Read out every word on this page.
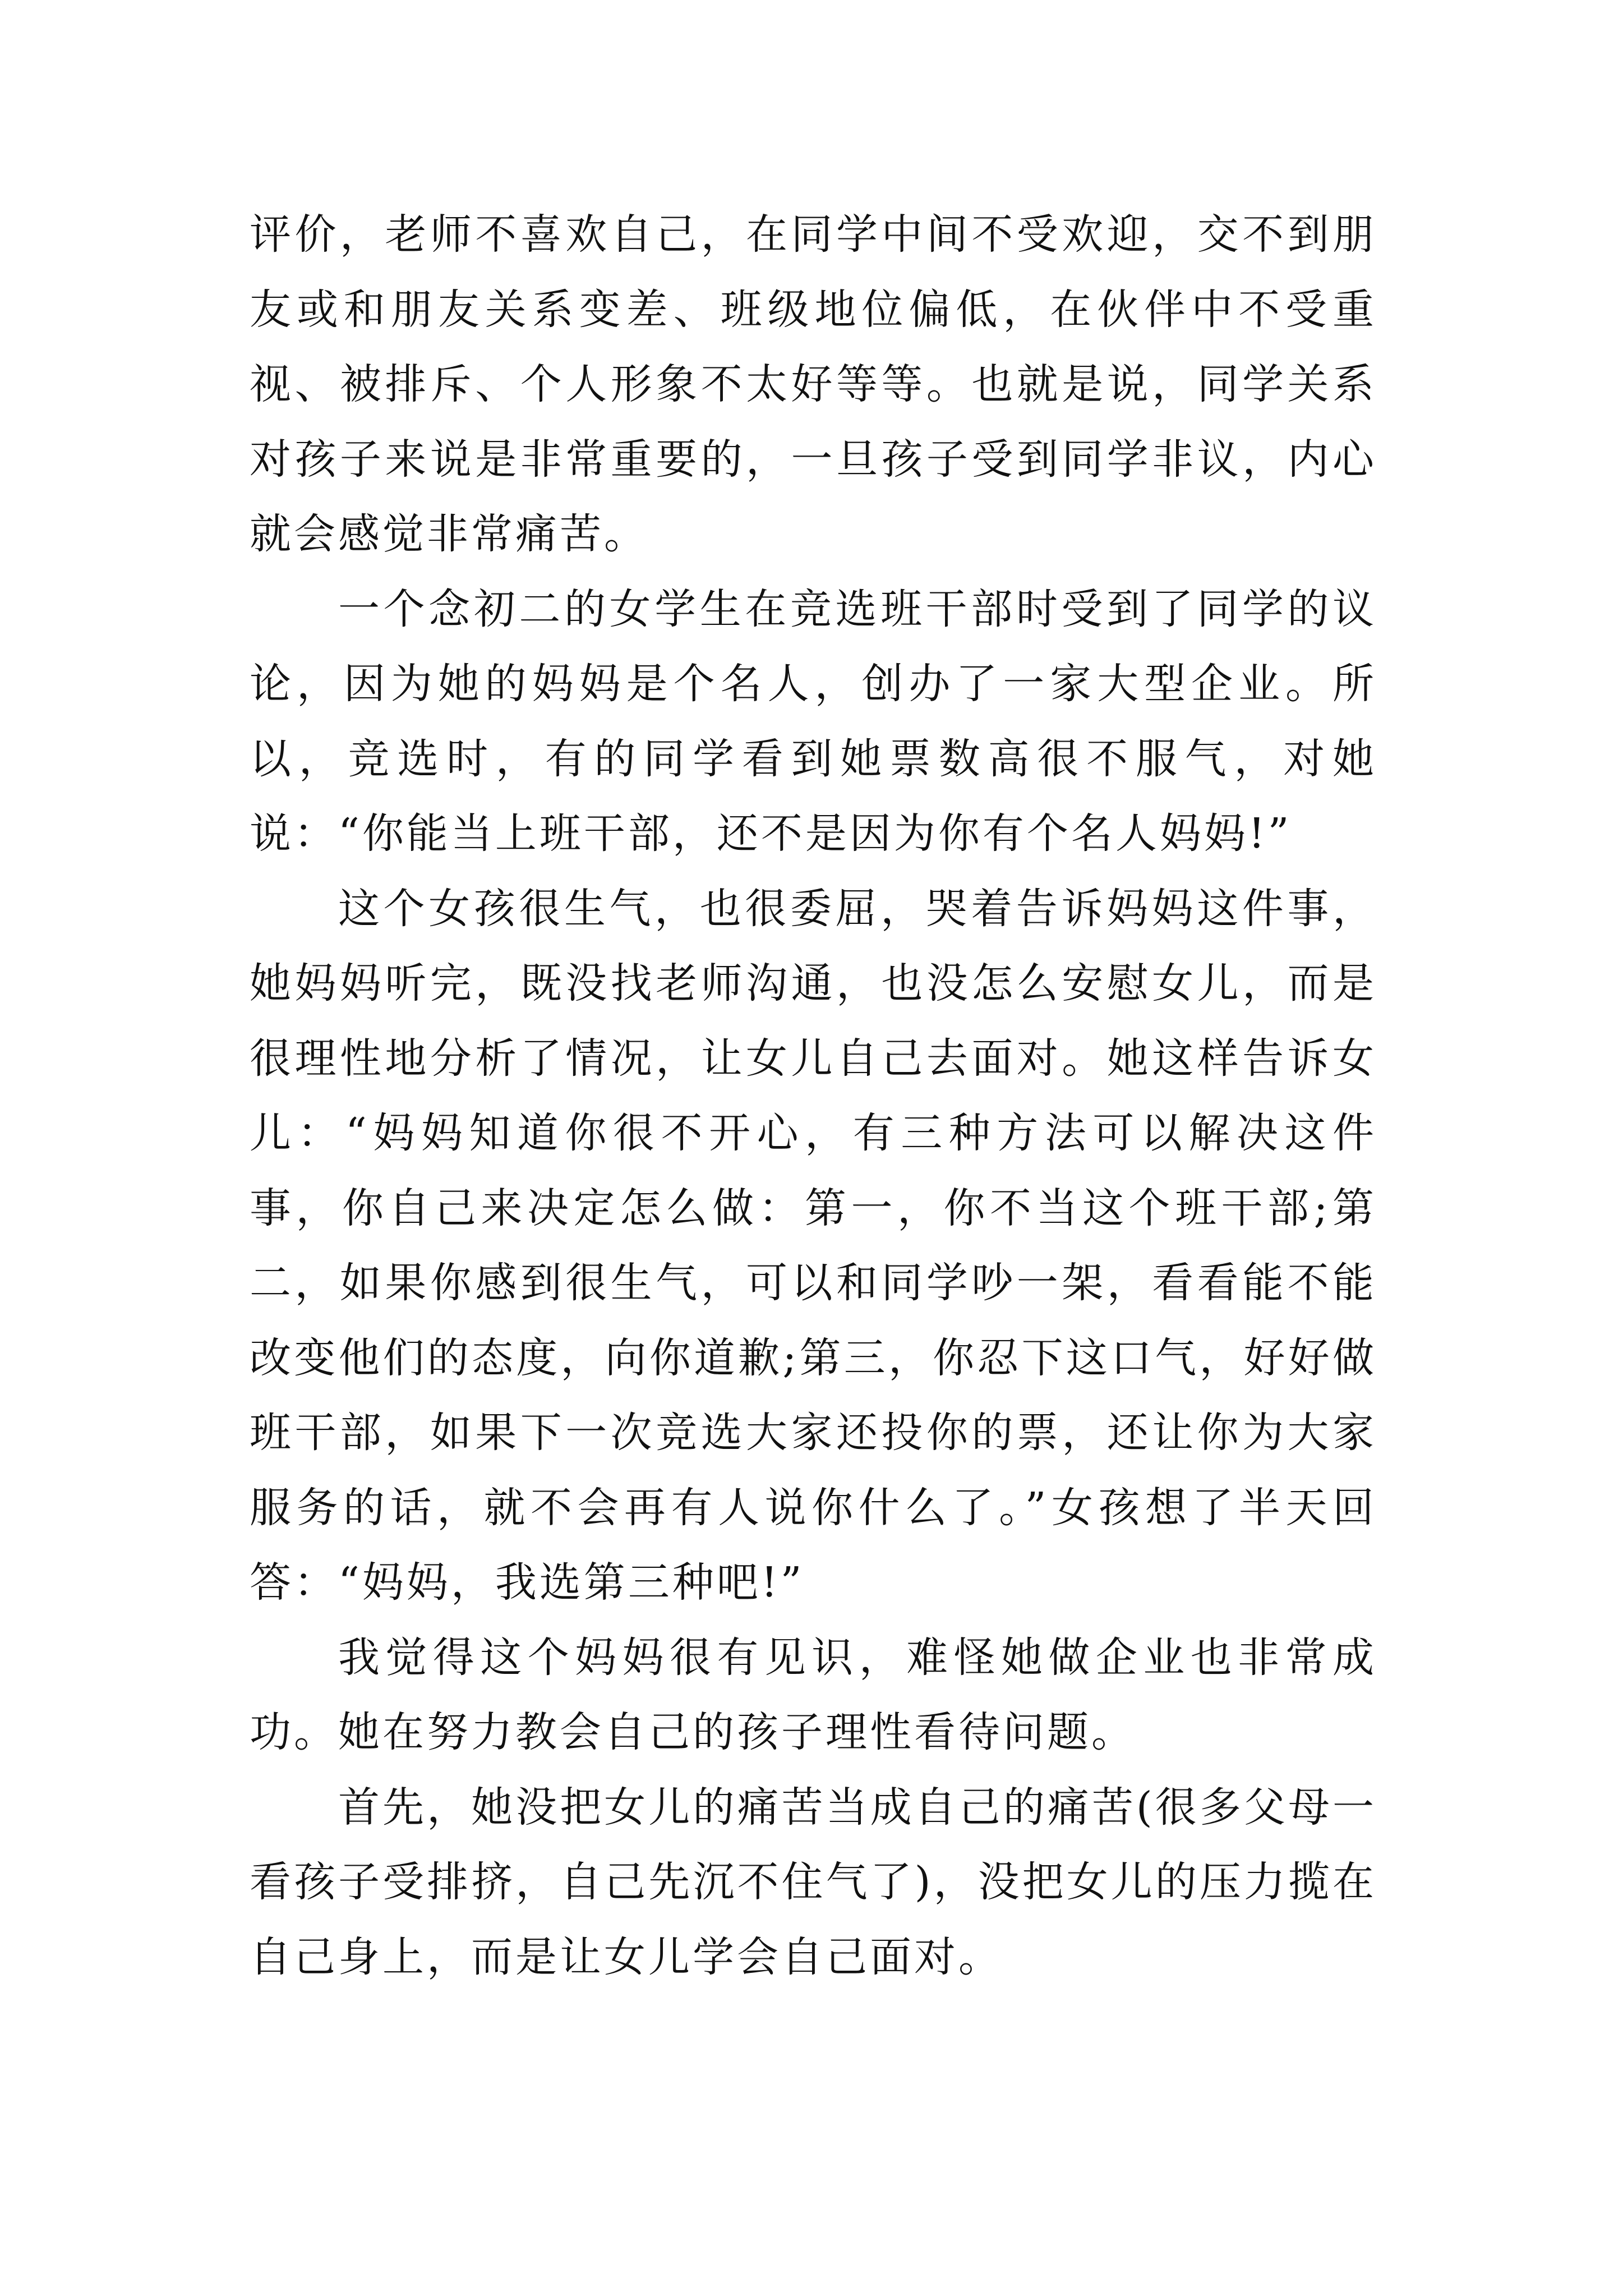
评价，老师不喜欢自己，在同学中间不受欢迎，交不到朋友或和朋友关系变差、班级地位偏低，在伙伴中不受重视、被排斥、个人形象不太好等等。也就是说，同学关系对孩子来说是非常重要的，一旦孩子受到同学非议，内心就会感觉非常痛苦。

一个念初二的女学生在竞选班干部时受到了同学的议论，因为她的妈妈是个名人，创办了一家大型企业。所以，竞选时，有的同学看到她票数高很不服气，对她说：“你能当上班干部，还不是因为你有个名人妈妈!”

这个女孩很生气，也很委屈，哭着告诉妈妈这件事，她妈妈听完，既没找老师沟通，也没怎么安慰女儿，而是很理性地分析了情况，让女儿自己去面对。她这样告诉女儿：“妈妈知道你很不开心，有三种方法可以解决这件事，你自己来决定怎么做：第一，你不当这个班干部;第二，如果你感到很生气，可以和同学吵一架，看看能不能改变他们的态度，向你道歉;第三，你忍下这口气，好好做班干部，如果下一次竞选大家还投你的票，还让你为大家服务的话，就不会再有人说你什么了。”女孩想了半天回答：“妈妈，我选第三种吧!”

我觉得这个妈妈很有见识，难怪她做企业也非常成功。她在努力教会自己的孩子理性看待问题。

首先，她没把女儿的痛苦当成自己的痛苦(很多父母一看孩子受排挤，自己先沉不住气了)，没把女儿的压力揽在自己身上，而是让女儿学会自己面对。
